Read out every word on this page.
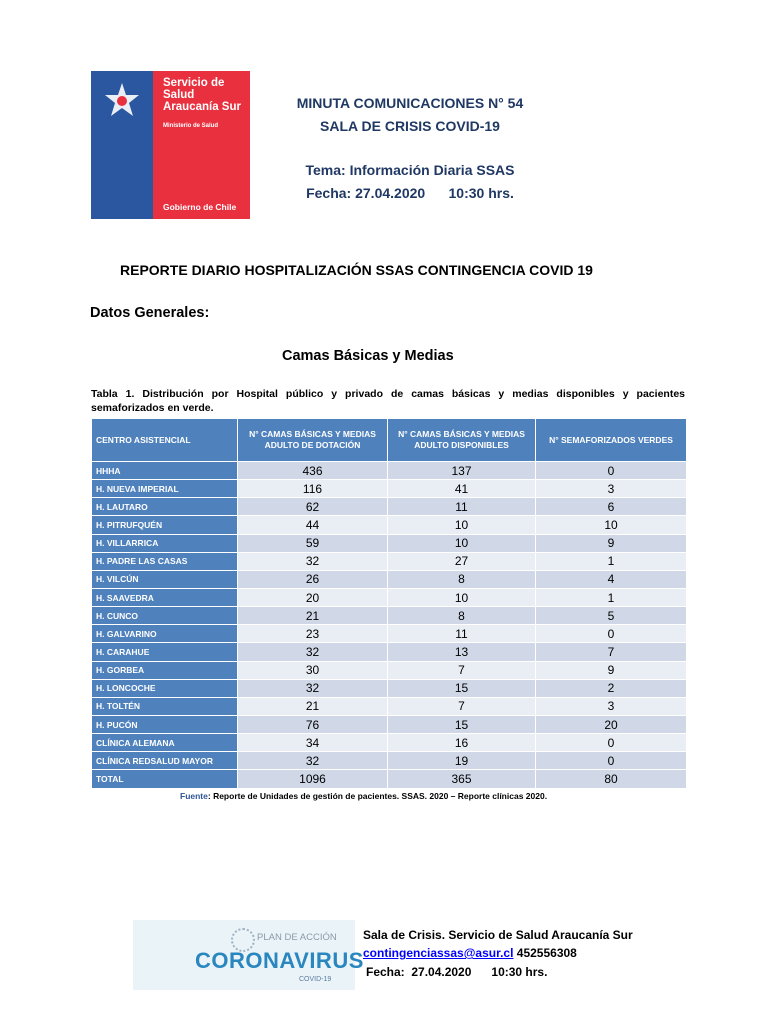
Servicio de
Salud
Araucanía Sur
Ministerio de Salud
Gobierno de Chile
MINUTA COMUNICACIONES N° 54
SALA DE CRISIS COVID-19
Tema: Información Diaria SSAS
Fecha: 27.04.2020      10:30 hrs.
REPORTE DIARIO HOSPITALIZACIÓN SSAS CONTINGENCIA COVID 19
Datos Generales:
Camas Básicas y Medias
Tabla 1. Distribución por Hospital público y privado de camas básicas y medias disponibles y pacientes semaforizados en verde.
CENTRO ASISTENCIAL	N° CAMAS BÁSICAS Y MEDIAS ADULTO DE DOTACIÓN	N° CAMAS BÁSICAS Y MEDIAS ADULTO DISPONIBLES	N° SEMAFORIZADOS VERDES
HHHA	436	137	0
H. NUEVA IMPERIAL	116	41	3
H. LAUTARO	62	11	6
H. PITRUFQUÉN	44	10	10
H. VILLARRICA	59	10	9
H. PADRE LAS CASAS	32	27	1
H. VILCÚN	26	8	4
H. SAAVEDRA	20	10	1
H. CUNCO	21	8	5
H. GALVARINO	23	11	0
H. CARAHUE	32	13	7
H. GORBEA	30	7	9
H. LONCOCHE	32	15	2
H. TOLTÉN	21	7	3
H. PUCÓN	76	15	20
CLÍNICA ALEMANA	34	16	0
CLÍNICA REDSALUD MAYOR	32	19	0
TOTAL	1096	365	80
Fuente: Reporte de Unidades de gestión de pacientes. SSAS. 2020 – Reporte clínicas 2020.
PLAN DE ACCIÓN
CORONAVIRUS
COVID-19
Sala de Crisis. Servicio de Salud Araucanía Sur
contingenciassas@asur.cl 452556308
Fecha:  27.04.2020      10:30 hrs.
